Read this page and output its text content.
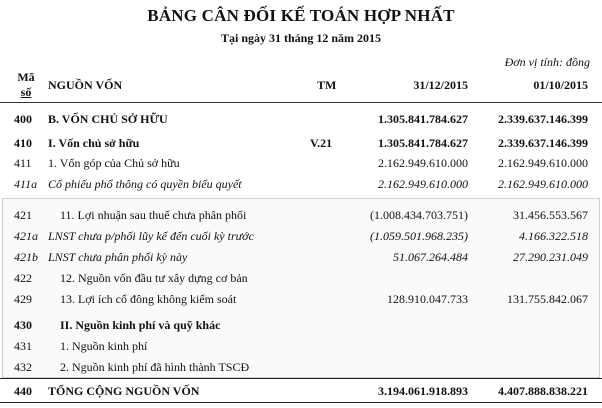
BẢNG CÂN ĐỐI KẾ TOÁN HỢP NHẤT
Tại ngày 31 tháng 12 năm 2015
Đơn vị tính: đồng
Mã
số	NGUỒN VỐN	TM	31/12/2015	01/10/2015
400	B. VỐN CHỦ SỞ HỮU	1.305.841.784.627	2.339.637.146.399
410	I. Vốn chủ sở hữu	V.21	1.305.841.784.627	2.339.637.146.399
411	1. Vốn góp của Chủ sở hữu	2.162.949.610.000	2.162.949.610.000
411a Cổ phiếu phổ thông có quyền biểu quyết	2.162.949.610.000	2.162.949.610.000
421	11. Lợi nhuận sau thuế chưa phân phối	(1.008.434.703.751)	31.456.553.567
421a LNST chưa p/phối lũy kế đến cuối kỳ trước	(1.059.501.968.235)	4.166.322.518
421b LNST chưa phân phối kỳ này	51.067.264.484	27.290.231.049
422	12. Nguồn vốn đầu tư xây dựng cơ bản
429	13. Lợi ích cổ đông không kiểm soát	128.910.047.733	131.755.842.067
430	II. Nguồn kinh phí và quỹ khác
431	1. Nguồn kinh phí
432	2. Nguồn kinh phí đã hình thành TSCĐ
440	TỔNG CỘNG NGUỒN VỐN	3.194.061.918.893	4.407.888.838.221
